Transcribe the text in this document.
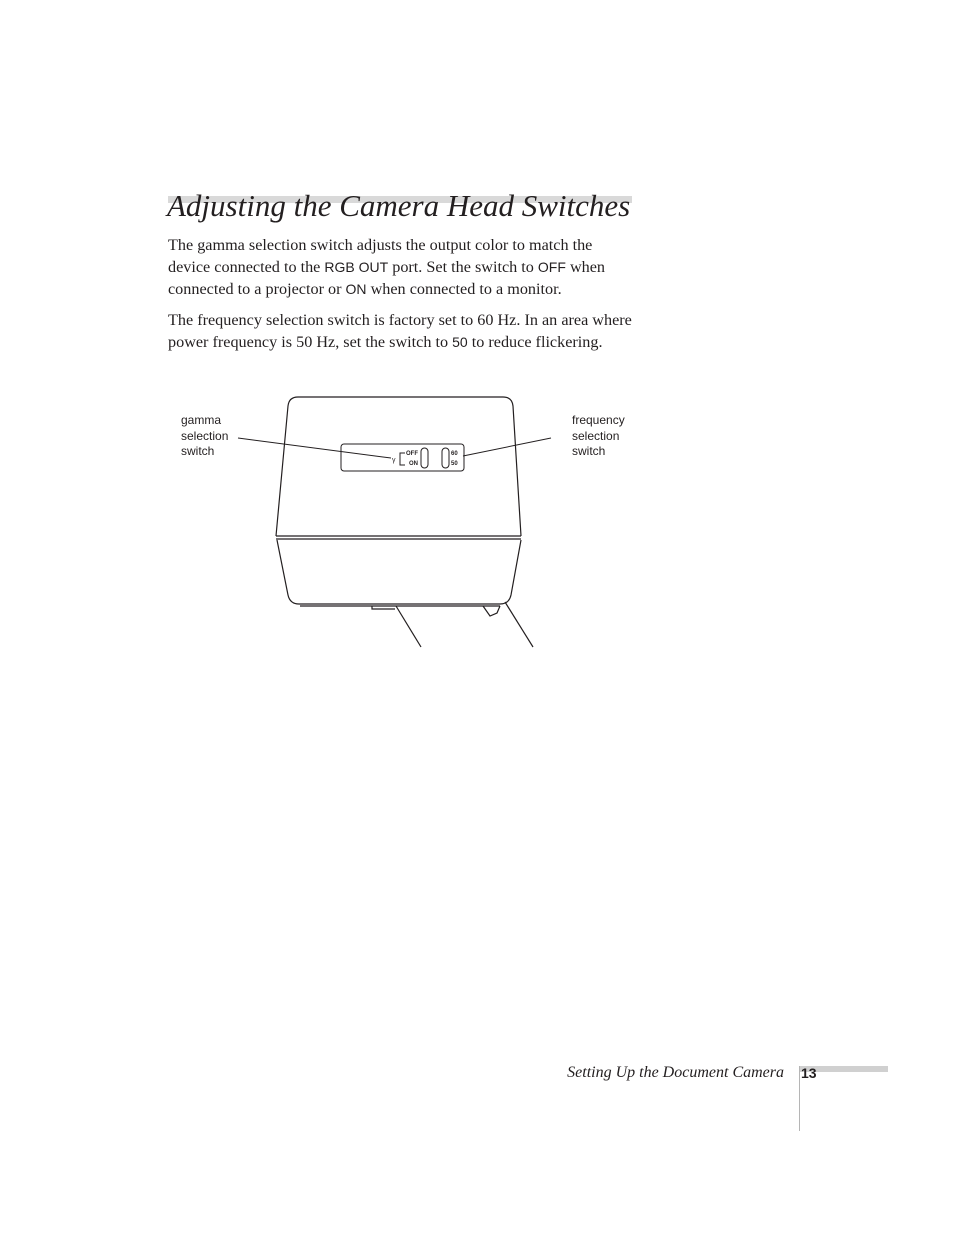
Adjusting the Camera Head Switches

The gamma selection switch adjusts the output color to match the device connected to the RGB OUT port. Set the switch to OFF when connected to a projector or ON when connected to a monitor.

The frequency selection switch is factory set to 60 Hz. In an area where power frequency is 50 Hz, set the switch to 50 to reduce flickering.

γ
OFF
ON
60
50

gamma selection switch

frequency selection switch

Setting Up the Document Camera 13
